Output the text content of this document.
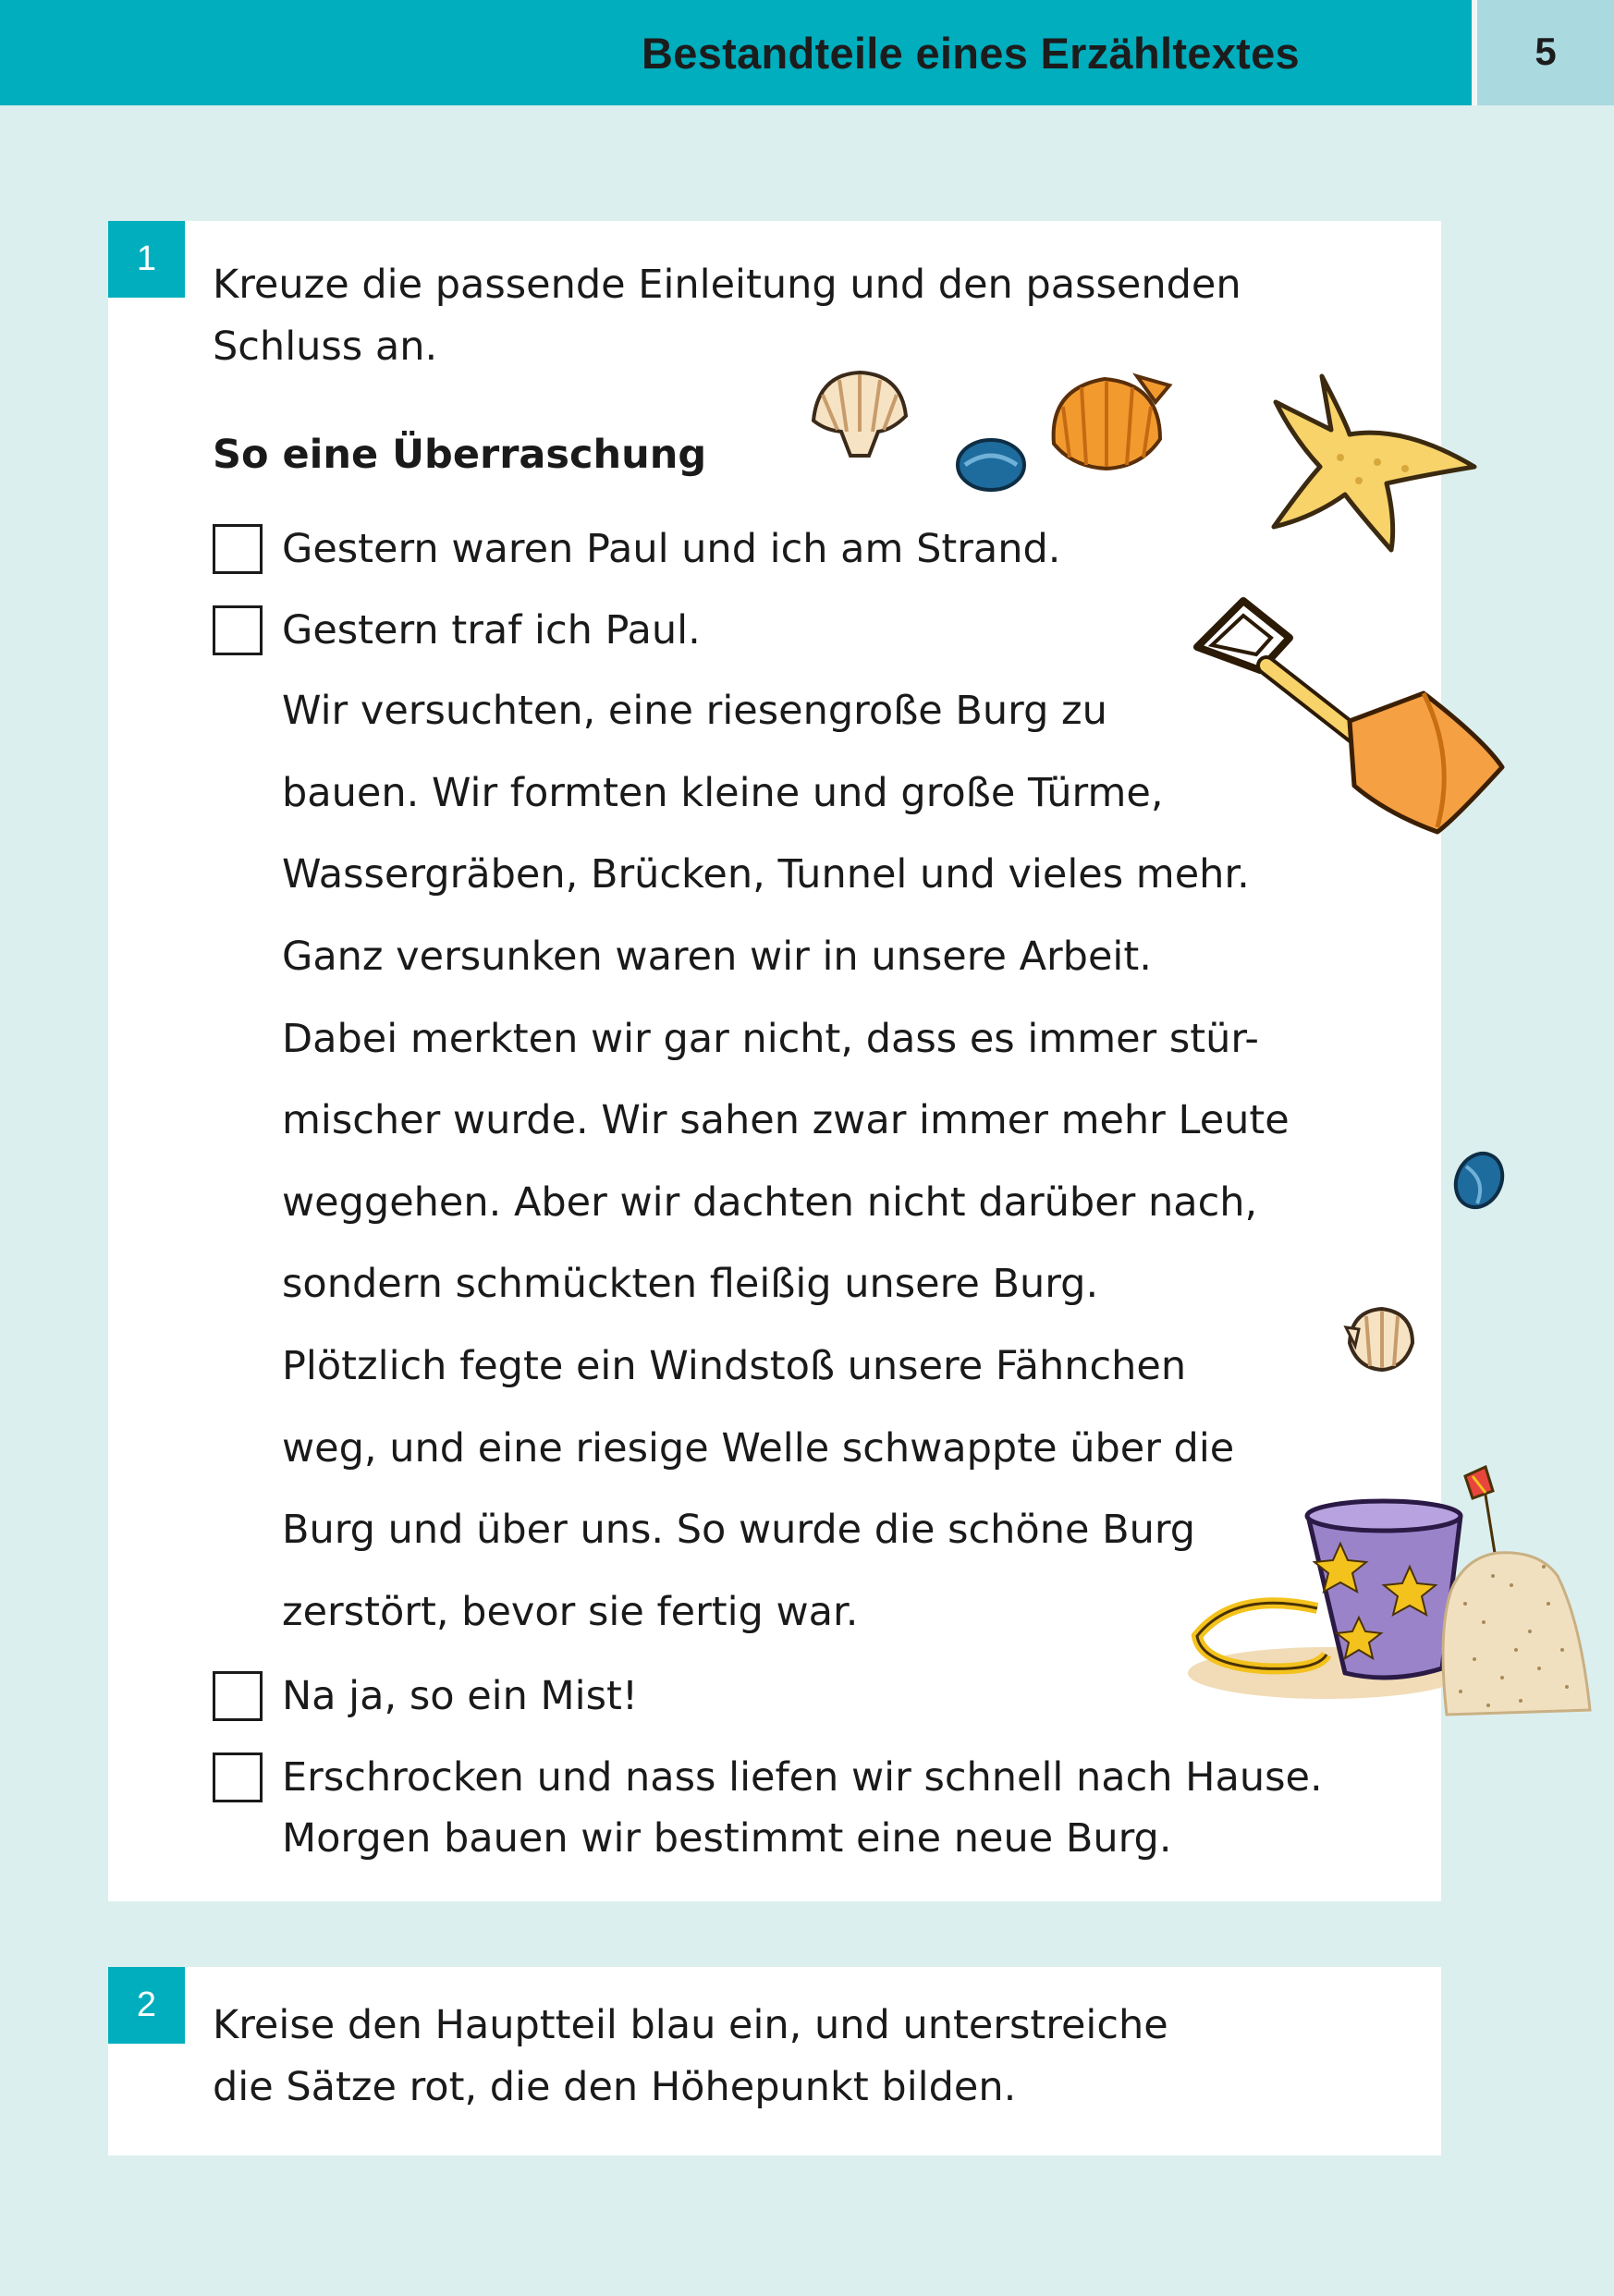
Bestandteile eines Erzähltextes	5
1

Kreuze die passende Einleitung und den passenden
Schluss an.

So eine Überraschung

Gestern waren Paul und ich am Strand.

Gestern traf ich Paul.

Wir versuchten, eine riesengroße Burg zu

bauen. Wir formten kleine und große Türme,

Wassergräben, Brücken, Tunnel und vieles mehr.

Ganz versunken waren wir in unsere Arbeit.

Dabei merkten wir gar nicht, dass es immer stür-

mischer wurde. Wir sahen zwar immer mehr Leute

weggehen. Aber wir dachten nicht darüber nach,

sondern schmückten fleißig unsere Burg.

Plötzlich fegte ein Windstoß unsere Fähnchen

weg, und eine riesige Welle schwappte über die

Burg und über uns. So wurde die schöne Burg

zerstört, bevor sie fertig war.

Na ja, so ein Mist!

Erschrocken und nass liefen wir schnell nach Hause.
Morgen bauen wir bestimmt eine neue Burg.

2	Kreise den Hauptteil blau ein, und unterstreiche
die Sätze rot, die den Höhepunkt bilden.
